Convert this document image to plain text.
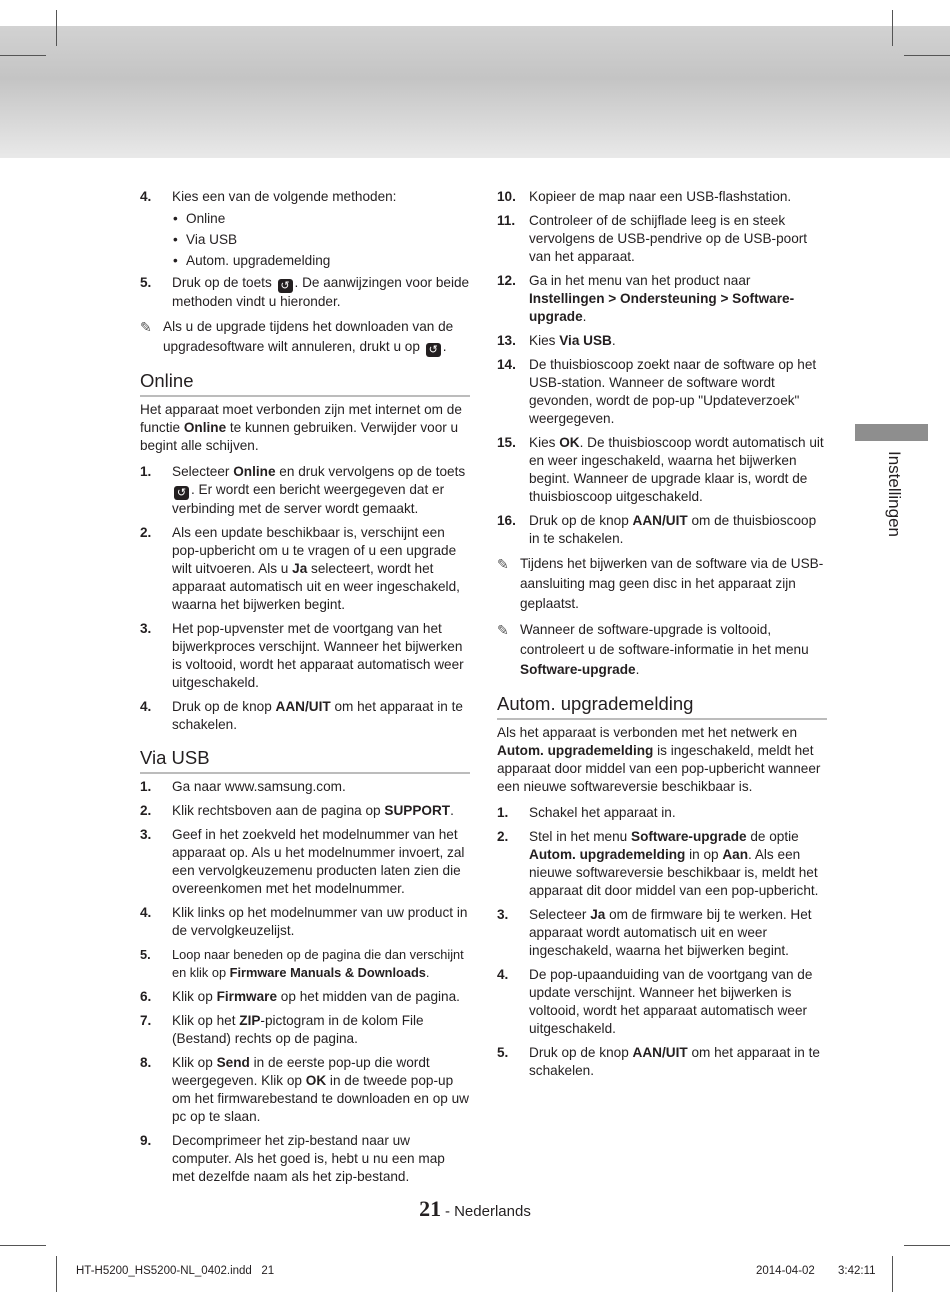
4. Kies een van de volgende methoden:
• Online
• Via USB
• Autom. upgrademelding
5. Druk op de toets ↺ . De aanwijzingen voor beide methoden vindt u hieronder.
✎ Als u de upgrade tijdens het downloaden van de upgradesoftware wilt annuleren, drukt u op ↺ .
Online
Het apparaat moet verbonden zijn met internet om de functie Online te kunnen gebruiken. Verwijder voor u begint alle schijven.
1. Selecteer Online en druk vervolgens op de toets ↺ . Er wordt een bericht weergegeven dat er verbinding met de server wordt gemaakt.
2. Als een update beschikbaar is, verschijnt een pop-upbericht om u te vragen of u een upgrade wilt uitvoeren. Als u Ja selecteert, wordt het apparaat automatisch uit en weer ingeschakeld, waarna het bijwerken begint.
3. Het pop-upvenster met de voortgang van het bijwerkproces verschijnt. Wanneer het bijwerken is voltooid, wordt het apparaat automatisch weer uitgeschakeld.
4. Druk op de knop AAN/UIT om het apparaat in te schakelen.
Via USB
1. Ga naar www.samsung.com.
2. Klik rechtsboven aan de pagina op SUPPORT.
3. Geef in het zoekveld het modelnummer van het apparaat op. Als u het modelnummer invoert, zal een vervolgkeuzemenu producten laten zien die overeenkomen met het modelnummer.
4. Klik links op het modelnummer van uw product in de vervolgkeuzelijst.
5. Loop naar beneden op de pagina die dan verschijnt en klik op Firmware Manuals & Downloads.
6. Klik op Firmware op het midden van de pagina.
7. Klik op het ZIP-pictogram in de kolom File (Bestand) rechts op de pagina.
8. Klik op Send in de eerste pop-up die wordt weergegeven. Klik op OK in de tweede pop-up om het firmwarebestand te downloaden en op uw pc op te slaan.
9. Decomprimeer het zip-bestand naar uw computer. Als het goed is, hebt u nu een map met dezelfde naam als het zip-bestand.
10. Kopieer de map naar een USB-flashstation.
11. Controleer of de schijflade leeg is en steek vervolgens de USB-pendrive op de USB-poort van het apparaat.
12. Ga in het menu van het product naar Instellingen > Ondersteuning > Software-upgrade.
13. Kies Via USB.
14. De thuisbioscoop zoekt naar de software op het USB-station. Wanneer de software wordt gevonden, wordt de pop-up "Updateverzoek" weergegeven.
15. Kies OK. De thuisbioscoop wordt automatisch uit en weer ingeschakeld, waarna het bijwerken begint. Wanneer de upgrade klaar is, wordt de thuisbioscoop uitgeschakeld.
16. Druk op de knop AAN/UIT om de thuisbioscoop in te schakelen.
✎ Tijdens het bijwerken van de software via de USB-aansluiting mag geen disc in het apparaat zijn geplaatst.
✎ Wanneer de software-upgrade is voltooid, controleert u de software-informatie in het menu Software-upgrade.
Autom. upgrademelding
Als het apparaat is verbonden met het netwerk en Autom. upgrademelding is ingeschakeld, meldt het apparaat door middel van een pop-upbericht wanneer een nieuwe softwareversie beschikbaar is.
1. Schakel het apparaat in.
2. Stel in het menu Software-upgrade de optie Autom. upgrademelding in op Aan. Als een nieuwe softwareversie beschikbaar is, meldt het apparaat dit door middel van een pop-upbericht.
3. Selecteer Ja om de firmware bij te werken. Het apparaat wordt automatisch uit en weer ingeschakeld, waarna het bijwerken begint.
4. De pop-upaanduiding van de voortgang van de update verschijnt. Wanneer het bijwerken is voltooid, wordt het apparaat automatisch weer uitgeschakeld.
5. Druk op de knop AAN/UIT om het apparaat in te schakelen.
Instellingen
21 - Nederlands
HT-H5200_HS5200-NL_0402.indd   21	2014-04-02 3:42:11
